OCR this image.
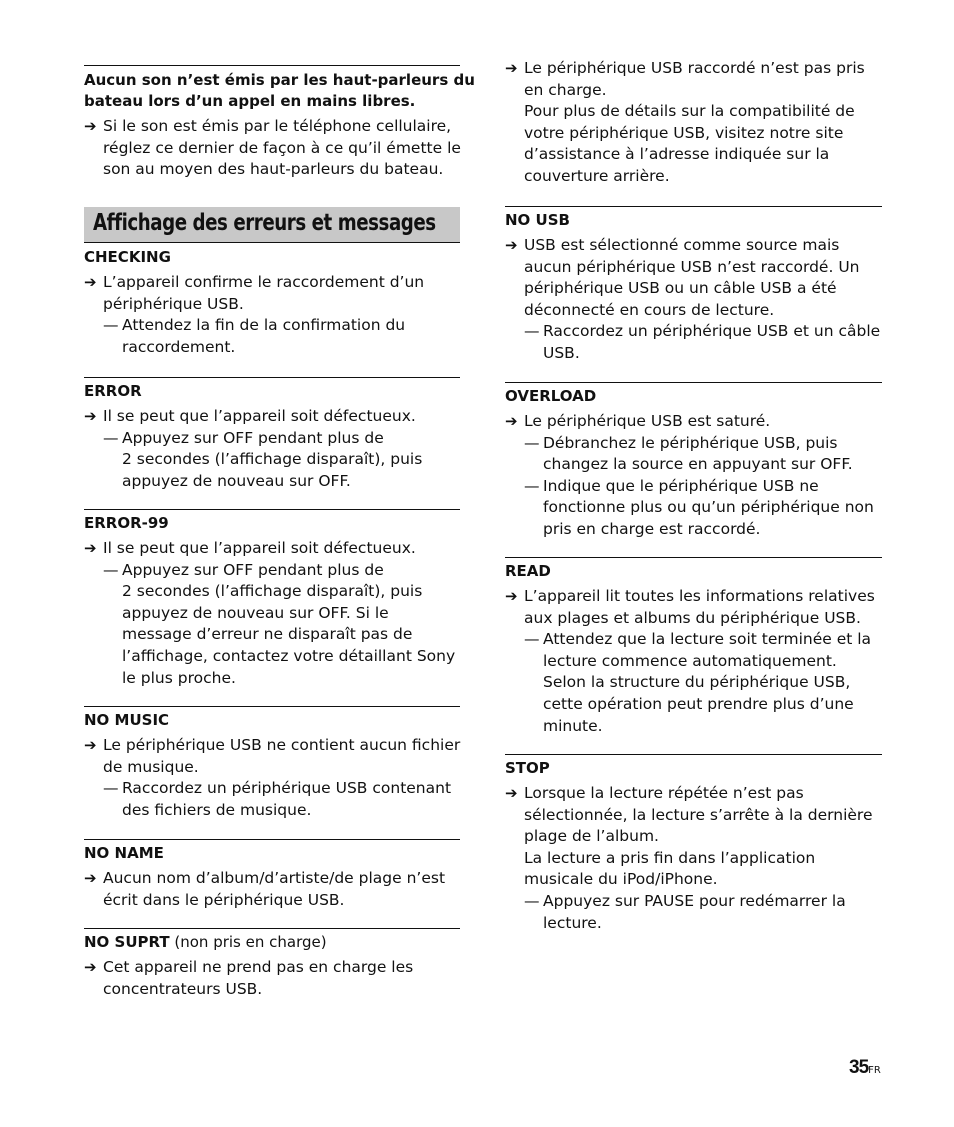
Aucun son n’est émis par les haut-parleurs du
bateau lors d’un appel en mains libres.
➔ Si le son est émis par le téléphone cellulaire,
réglez ce dernier de façon à ce qu’il émette le
son au moyen des haut-parleurs du bateau.
CHECKING
➔ L’appareil confirme le raccordement d’un
périphérique USB.
— Attendez la fin de la confirmation du
raccordement.
ERROR
➔ Il se peut que l’appareil soit défectueux.
— Appuyez sur OFF pendant plus de
2 secondes (l’affichage disparaît), puis
appuyez de nouveau sur OFF.
ERROR-99
➔ Il se peut que l’appareil soit défectueux.
— Appuyez sur OFF pendant plus de
2 secondes (l’affichage disparaît), puis
appuyez de nouveau sur OFF. Si le
message d’erreur ne disparaît pas de
l’affichage, contactez votre détaillant Sony
le plus proche.
NO MUSIC
➔ Le périphérique USB ne contient aucun fichier
de musique.
— Raccordez un périphérique USB contenant
des fichiers de musique.
NO NAME
➔ Aucun nom d’album/d’artiste/de plage n’est
écrit dans le périphérique USB.
NO SUPRT (non pris en charge)
➔ Cet appareil ne prend pas en charge les
concentrateurs USB.
Affichage des erreurs et messages
➔ Le périphérique USB raccordé n’est pas pris
en charge.
Pour plus de détails sur la compatibilité de
votre périphérique USB, visitez notre site
d’assistance à l’adresse indiquée sur la
couverture arrière.
NO USB
➔ USB est sélectionné comme source mais
aucun périphérique USB n’est raccordé. Un
périphérique USB ou un câble USB a été
déconnecté en cours de lecture.
— Raccordez un périphérique USB et un câble
USB.
OVERLOAD
➔ Le périphérique USB est saturé.
— Débranchez le périphérique USB, puis
changez la source en appuyant sur OFF.
— Indique que le périphérique USB ne
fonctionne plus ou qu’un périphérique non
pris en charge est raccordé.
READ
➔ L’appareil lit toutes les informations relatives
aux plages et albums du périphérique USB.
— Attendez que la lecture soit terminée et la
lecture commence automatiquement.
Selon la structure du périphérique USB,
cette opération peut prendre plus d’une
minute.
STOP
➔ Lorsque la lecture répétée n’est pas
sélectionnée, la lecture s’arrête à la dernière
plage de l’album.
La lecture a pris fin dans l’application
musicale du iPod/iPhone.
— Appuyez sur PAUSE pour redémarrer la
lecture.
35FR
